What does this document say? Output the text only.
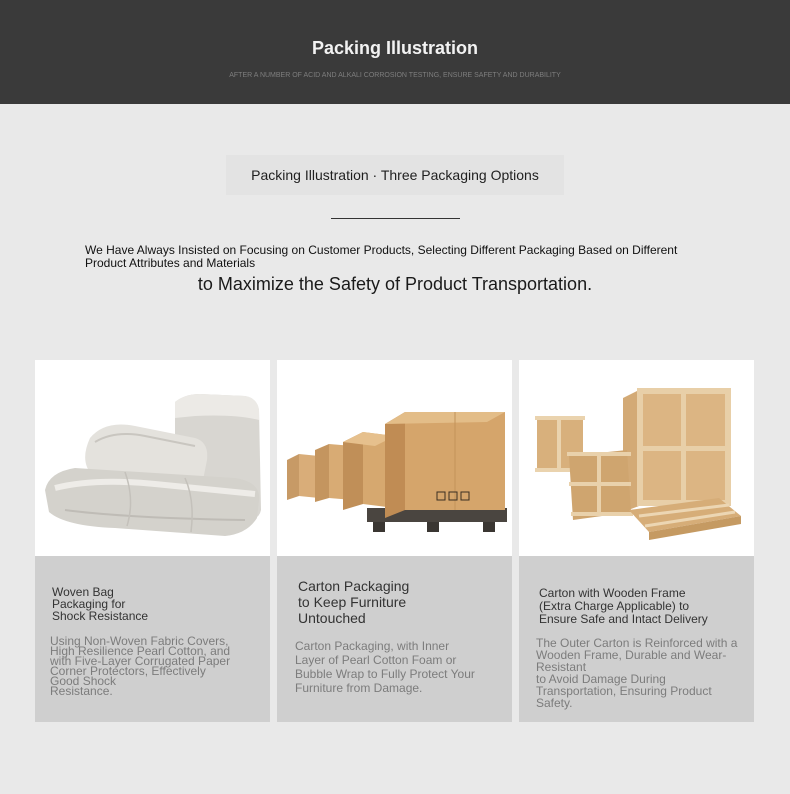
Packing Illustration
AFTER A NUMBER OF ACID AND ALKALI CORROSION TESTING, ENSURE SAFETY AND DURABILITY
Packing Illustration · Three Packaging Options
We Have Always Insisted on Focusing on Customer Products, Selecting Different Packaging Based on Different Product Attributes and Materials
to Maximize the Safety of Product Transportation.
Woven Bag
Packaging for
Shock Resistance
Using Non-Woven Fabric Covers,
High Resilience Pearl Cotton, and
with Five-Layer Corrugated Paper
Corner Protectors, Effectively
Good Shock
Resistance.
Carton Packaging
to Keep Furniture
Untouched
Carton Packaging, with Inner
Layer of Pearl Cotton Foam or
Bubble Wrap to Fully Protect Your
Furniture from Damage.
Carton with Wooden Frame
(Extra Charge Applicable) to
Ensure Safe and Intact Delivery
The Outer Carton is Reinforced with a
Wooden Frame, Durable and Wear-Resistant
to Avoid Damage During
Transportation, Ensuring Product
Safety.
